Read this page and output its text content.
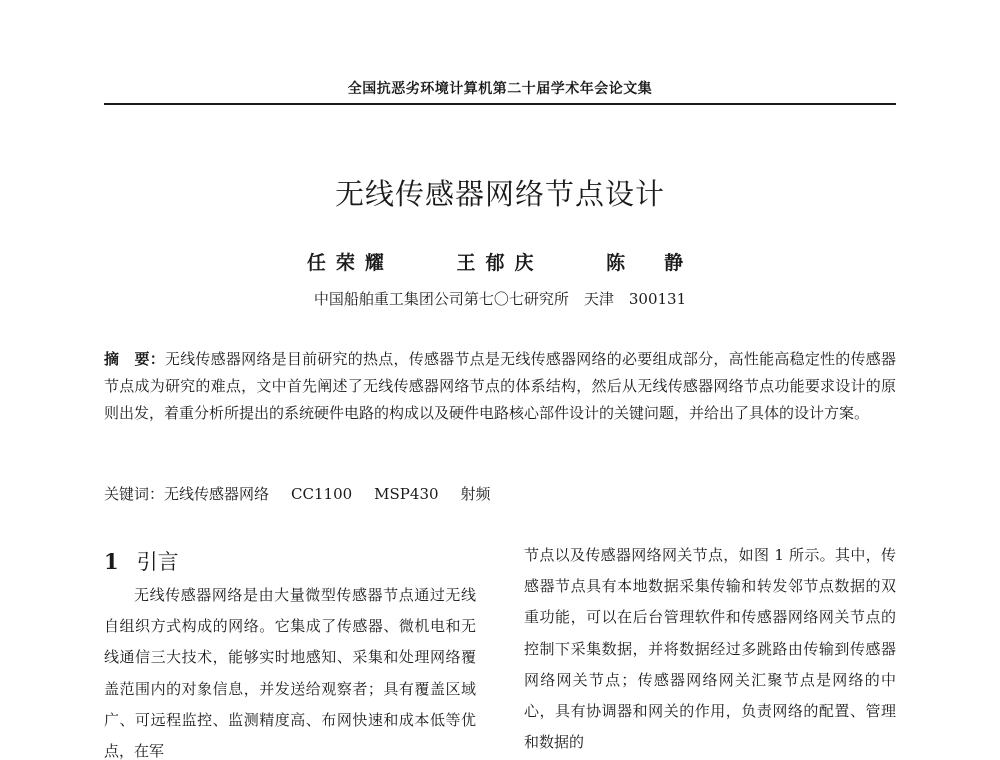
全国抗恶劣环境计算机第二十届学术年会论文集
无线传感器网络节点设计
任荣耀	王郁庆	陈　静
中国船舶重工集团公司第七〇七研究所　天津　300131
摘　要：无线传感器网络是目前研究的热点，传感器节点是无线传感器网络的必要组成部分，高性能高稳定性的传感器节点成为研究的难点，文中首先阐述了无线传感器网络节点的体系结构，然后从无线传感器网络节点功能要求设计的原则出发，着重分析所提出的系统硬件电路的构成以及硬件电路核心部件设计的关键问题，并给出了具体的设计方案。
关键词：无线传感器网络 CC1100 MSP430 射频
1 引言

无线传感器网络是由大量微型传感器节点通过无线自组织方式构成的网络。它集成了传感器、微机电和无线通信三大技术，能够实时地感知、采集和处理网络覆盖范围内的对象信息，并发送给观察者；具有覆盖区域广、可远程监控、监测精度高、布网快速和成本低等优点，在军

节点以及传感器网络网关节点，如图 1 所示。其中，传感器节点具有本地数据采集传输和转发邻节点数据的双重功能，可以在后台管理软件和传感器网络网关节点的控制下采集数据，并将数据经过多跳路由传输到传感器网络网关节点；传感器网络网关汇聚节点是网络的中心，具有协调器和网关的作用，负责网络的配置、管理和数据的
